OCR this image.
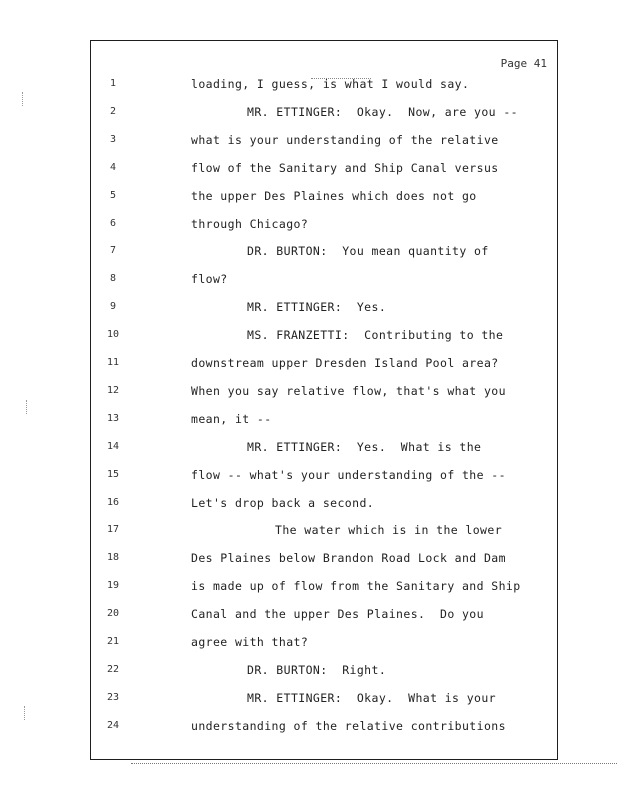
Page 41
1	loading, I guess, is what I would say.
2	MR. ETTINGER:  Okay.  Now, are you --
3	what is your understanding of the relative
4	flow of the Sanitary and Ship Canal versus
5	the upper Des Plaines which does not go
6	through Chicago?
7	DR. BURTON:  You mean quantity of
8	flow?
9	MR. ETTINGER:  Yes.
10	MS. FRANZETTI:  Contributing to the
11	downstream upper Dresden Island Pool area?
12	When you say relative flow, that's what you
13	mean, it --
14	MR. ETTINGER:  Yes.  What is the
15	flow -- what's your understanding of the --
16	Let's drop back a second.
17	The water which is in the lower
18	Des Plaines below Brandon Road Lock and Dam
19	is made up of flow from the Sanitary and Ship
20	Canal and the upper Des Plaines.  Do you
21	agree with that?
22	DR. BURTON:  Right.
23	MR. ETTINGER:  Okay.  What is your
24	understanding of the relative contributions
